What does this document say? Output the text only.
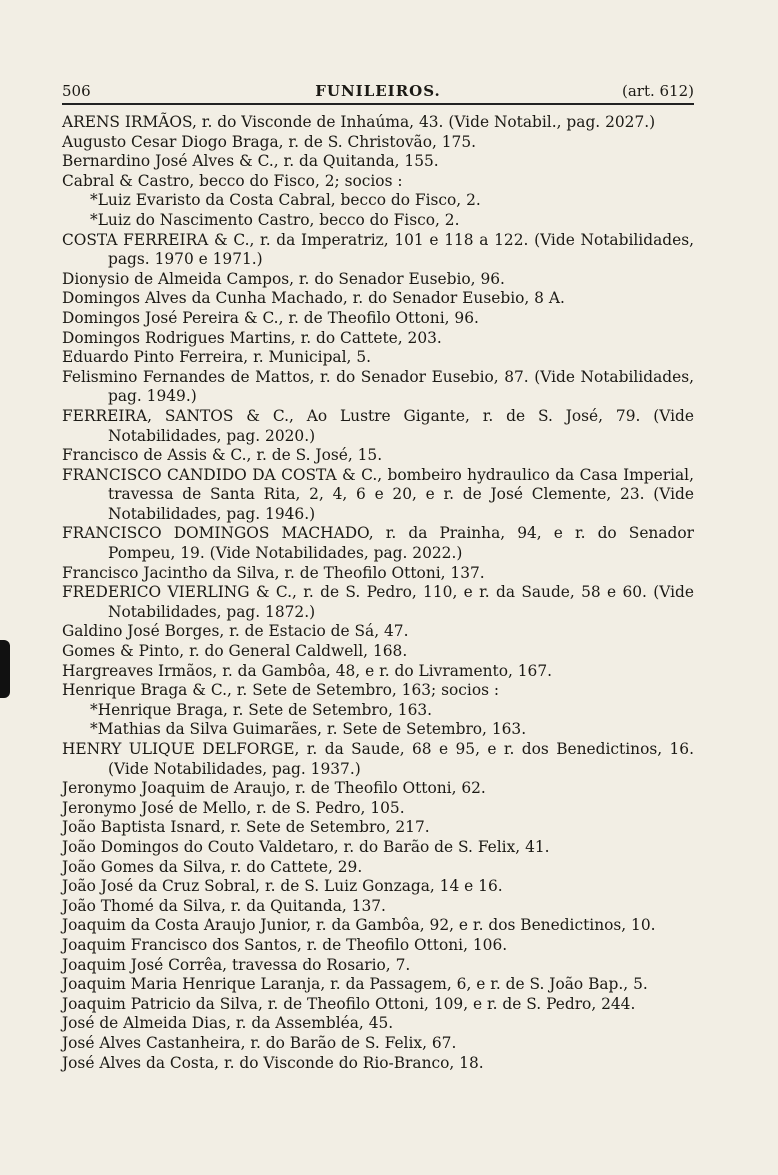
506	FUNILEIROS.	(art. 612)
ARENS IRMÃOS, r. do Visconde de Inhaúma, 43. (Vide Notabil., pag. 2027.)
Augusto Cesar Diogo Braga, r. de S. Christovão, 175.
Bernardino José Alves & C., r. da Quitanda, 155.
Cabral & Castro, becco do Fisco, 2; socios :
*Luiz Evaristo da Costa Cabral, becco do Fisco, 2.
*Luiz do Nascimento Castro, becco do Fisco, 2.
COSTA FERREIRA & C., r. da Imperatriz, 101 e 118 a 122. (Vide Notabilidades, pags. 1970 e 1971.)
Dionysio de Almeida Campos, r. do Senador Eusebio, 96.
Domingos Alves da Cunha Machado, r. do Senador Eusebio, 8 A.
Domingos José Pereira & C., r. de Theofilo Ottoni, 96.
Domingos Rodrigues Martins, r. do Cattete, 203.
Eduardo Pinto Ferreira, r. Municipal, 5.
Felismino Fernandes de Mattos, r. do Senador Eusebio, 87. (Vide Notabilidades, pag. 1949.)
FERREIRA, SANTOS & C., Ao Lustre Gigante, r. de S. José, 79. (Vide Notabilidades, pag. 2020.)
Francisco de Assis & C., r. de S. José, 15.
FRANCISCO CANDIDO DA COSTA & C., bombeiro hydraulico da Casa Imperial, travessa de Santa Rita, 2, 4, 6 e 20, e r. de José Clemente, 23. (Vide Notabilidades, pag. 1946.)
FRANCISCO DOMINGOS MACHADO, r. da Prainha, 94, e r. do Senador Pompeu, 19. (Vide Notabilidades, pag. 2022.)
Francisco Jacintho da Silva, r. de Theofilo Ottoni, 137.
FREDERICO VIERLING & C., r. de S. Pedro, 110, e r. da Saude, 58 e 60. (Vide Notabilidades, pag. 1872.)
Galdino José Borges, r. de Estacio de Sá, 47.
Gomes & Pinto, r. do General Caldwell, 168.
Hargreaves Irmãos, r. da Gambôa, 48, e r. do Livramento, 167.
Henrique Braga & C., r. Sete de Setembro, 163; socios :
*Henrique Braga, r. Sete de Setembro, 163.
*Mathias da Silva Guimarães, r. Sete de Setembro, 163.
HENRY ULIQUE DELFORGE, r. da Saude, 68 e 95, e r. dos Benedictinos, 16. (Vide Notabilidades, pag. 1937.)
Jeronymo Joaquim de Araujo, r. de Theofilo Ottoni, 62.
Jeronymo José de Mello, r. de S. Pedro, 105.
João Baptista Isnard, r. Sete de Setembro, 217.
João Domingos do Couto Valdetaro, r. do Barão de S. Felix, 41.
João Gomes da Silva, r. do Cattete, 29.
João José da Cruz Sobral, r. de S. Luiz Gonzaga, 14 e 16.
João Thomé da Silva, r. da Quitanda, 137.
Joaquim da Costa Araujo Junior, r. da Gambôa, 92, e r. dos Benedictinos, 10.
Joaquim Francisco dos Santos, r. de Theofilo Ottoni, 106.
Joaquim José Corrêa, travessa do Rosario, 7.
Joaquim Maria Henrique Laranja, r. da Passagem, 6, e r. de S. João Bap., 5.
Joaquim Patricio da Silva, r. de Theofilo Ottoni, 109, e r. de S. Pedro, 244.
José de Almeida Dias, r. da Assembléa, 45.
José Alves Castanheira, r. do Barão de S. Felix, 67.
José Alves da Costa, r. do Visconde do Rio-Branco, 18.
